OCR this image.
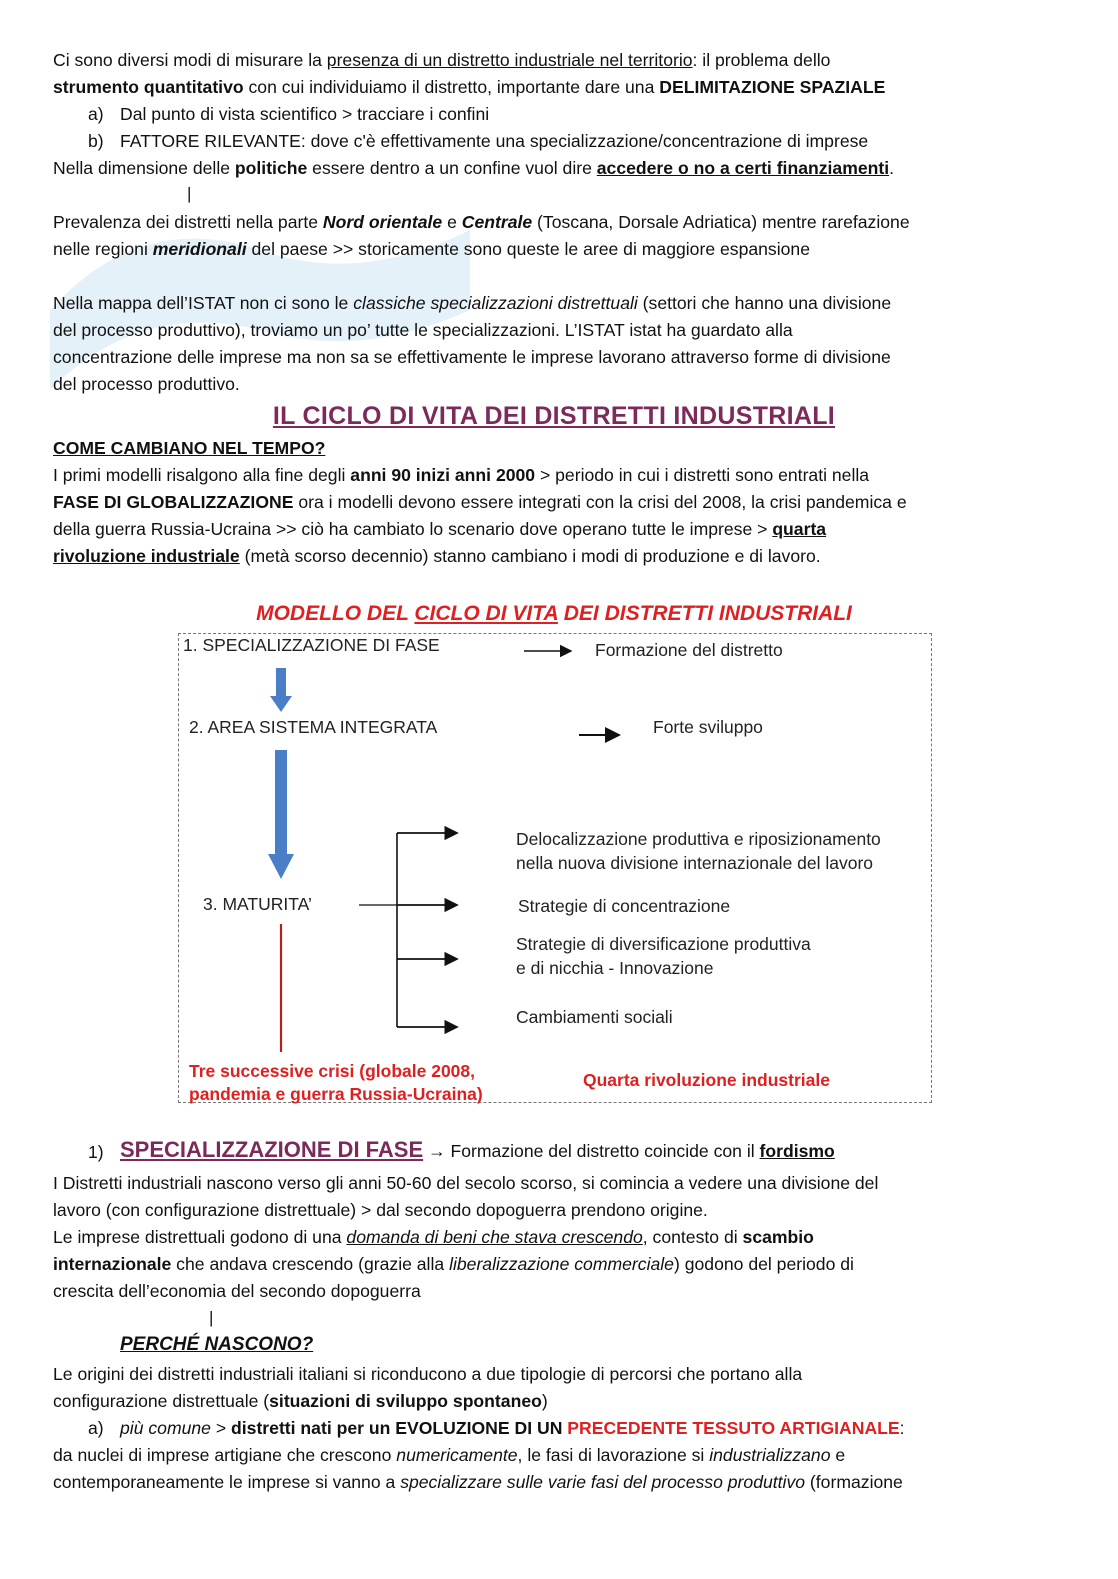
Ci sono diversi modi di misurare la presenza di un distretto industriale nel territorio: il problema dello
strumento quantitativo con cui individuiamo il distretto, importante dare una DELIMITAZIONE SPAZIALE
a) Dal punto di vista scientifico > tracciare i confini
b) FATTORE RILEVANTE: dove c'è effettivamente una specializzazione/concentrazione di imprese
Nella dimensione delle politiche essere dentro a un confine vuol dire accedere o no a certi finanziamenti.
|
Prevalenza dei distretti nella parte Nord orientale e Centrale (Toscana, Dorsale Adriatica) mentre rarefazione
nelle regioni meridionali del paese >> storicamente sono queste le aree di maggiore espansione
Nella mappa dell’ISTAT non ci sono le classiche specializzazioni distrettuali (settori che hanno una divisione
del processo produttivo), troviamo un po’ tutte le specializzazioni. L’ISTAT istat ha guardato alla
concentrazione delle imprese ma non sa se effettivamente le imprese lavorano attraverso forme di divisione
del processo produttivo.
IL CICLO DI VITA DEI DISTRETTI INDUSTRIALI
COME CAMBIANO NEL TEMPO?
I primi modelli risalgono alla fine degli anni 90 inizi anni 2000 > periodo in cui i distretti sono entrati nella
FASE DI GLOBALIZZAZIONE ora i modelli devono essere integrati con la crisi del 2008, la crisi pandemica e
della guerra Russia-Ucraina >> ciò ha cambiato lo scenario dove operano tutte le imprese > quarta
rivoluzione industriale (metà scorso decennio) stanno cambiano i modi di produzione e di lavoro.
MODELLO DEL CICLO DI VITA DEI DISTRETTI INDUSTRIALI
1. SPECIALIZZAZIONE DI FASE	Formazione del distretto
2. AREA SISTEMA INTEGRATA	Forte sviluppo
Delocalizzazione produttiva e riposizionamento
nella nuova divisione internazionale del lavoro
3. MATURITA’	Strategie di concentrazione
Strategie di diversificazione produttiva
e di nicchia - Innovazione
Cambiamenti sociali
Tre successive crisi (globale 2008,
pandemia e guerra Russia-Ucraina)
Quarta rivoluzione industriale
1) SPECIALIZZAZIONE DI FASE → Formazione del distretto coincide con il fordismo
I Distretti industriali nascono verso gli anni 50-60 del secolo scorso, si comincia a vedere una divisione del
lavoro (con configurazione distrettuale) > dal secondo dopoguerra prendono origine.
Le imprese distrettuali godono di una domanda di beni che stava crescendo, contesto di scambio
internazionale che andava crescendo (grazie alla liberalizzazione commerciale) godono del periodo di
crescita dell’economia del secondo dopoguerra
|
PERCHÉ NASCONO?
Le origini dei distretti industriali italiani si riconducono a due tipologie di percorsi che portano alla
configurazione distrettuale (situazioni di sviluppo spontaneo)
a) più comune > distretti nati per un EVOLUZIONE DI UN PRECEDENTE TESSUTO ARTIGIANALE:
da nuclei di imprese artigiane che crescono numericamente, le fasi di lavorazione si industrializzano e
contemporaneamente le imprese si vanno a specializzare sulle varie fasi del processo produttivo (formazione
